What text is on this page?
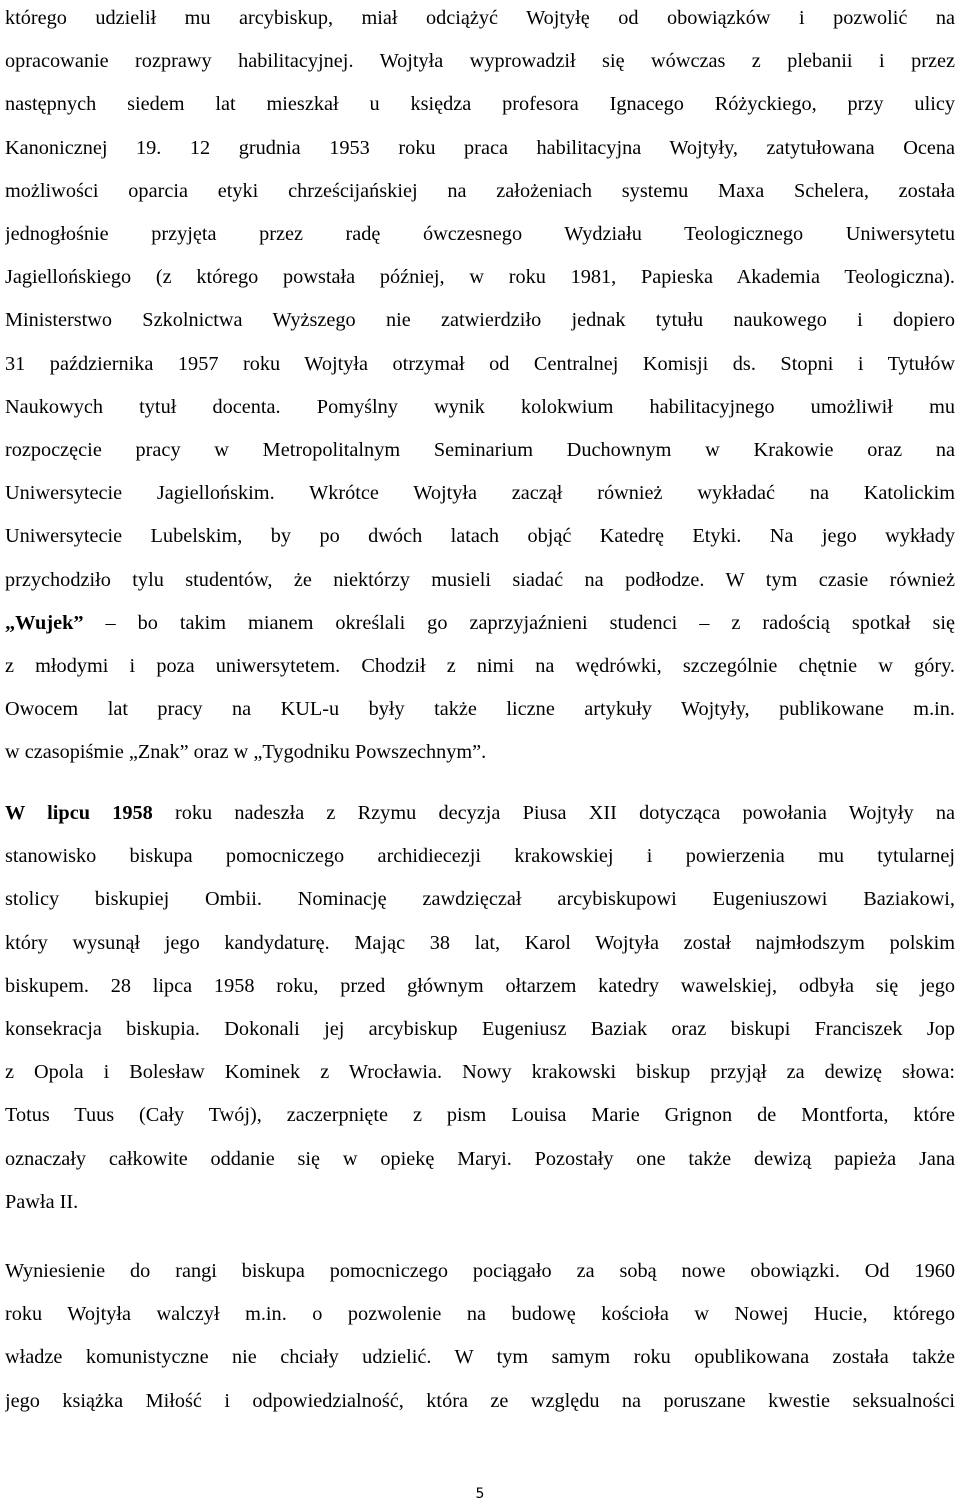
którego udzielił mu arcybiskup, miał odciążyć Wojtyłę od obowiązków i pozwolić na
opracowanie rozprawy habilitacyjnej. Wojtyła wyprowadził się wówczas z plebanii i przez
następnych siedem lat mieszkał u księdza profesora Ignacego Różyckiego, przy ulicy
Kanonicznej 19. 12 grudnia 1953 roku praca habilitacyjna Wojtyły, zatytułowana Ocena
możliwości oparcia etyki chrześcijańskiej na założeniach systemu Maxa Schelera, została
jednogłośnie przyjęta przez radę ówczesnego Wydziału Teologicznego Uniwersytetu
Jagiellońskiego (z którego powstała później, w roku 1981, Papieska Akademia Teologiczna).
Ministerstwo Szkolnictwa Wyższego nie zatwierdziło jednak tytułu naukowego i dopiero
31 października 1957 roku Wojtyła otrzymał od Centralnej Komisji ds. Stopni i Tytułów
Naukowych tytuł docenta. Pomyślny wynik kolokwium habilitacyjnego umożliwił mu
rozpoczęcie pracy w Metropolitalnym Seminarium Duchownym w Krakowie oraz na
Uniwersytecie Jagiellońskim. Wkrótce Wojtyła zaczął również wykładać na Katolickim
Uniwersytecie Lubelskim, by po dwóch latach objąć Katedrę Etyki. Na jego wykłady
przychodziło tylu studentów, że niektórzy musieli siadać na podłodze. W tym czasie również
„Wujek” – bo takim mianem określali go zaprzyjaźnieni studenci – z radością spotkał się
z młodymi i poza uniwersytetem. Chodził z nimi na wędrówki, szczególnie chętnie w góry.
Owocem lat pracy na KUL-u były także liczne artykuły Wojtyły, publikowane m.in.
w czasopiśmie „Znak” oraz w „Tygodniku Powszechnym”.

W lipcu 1958 roku nadeszła z Rzymu decyzja Piusa XII dotycząca powołania Wojtyły na
stanowisko biskupa pomocniczego archidiecezji krakowskiej i powierzenia mu tytularnej
stolicy biskupiej Ombii. Nominację zawdzięczał arcybiskupowi Eugeniuszowi Baziakowi,
który wysunął jego kandydaturę. Mając 38 lat, Karol Wojtyła został najmłodszym polskim
biskupem. 28 lipca 1958 roku, przed głównym ołtarzem katedry wawelskiej, odbyła się jego
konsekracja biskupia. Dokonali jej arcybiskup Eugeniusz Baziak oraz biskupi Franciszek Jop
z Opola i Bolesław Kominek z Wrocławia. Nowy krakowski biskup przyjął za dewizę słowa:
Totus Tuus (Cały Twój), zaczerpnięte z pism Louisa Marie Grignon de Montforta, które
oznaczały całkowite oddanie się w opiekę Maryi. Pozostały one także dewizą papieża Jana
Pawła II.

Wyniesienie do rangi biskupa pomocniczego pociągało za sobą nowe obowiązki. Od 1960
roku Wojtyła walczył m.in. o pozwolenie na budowę kościoła w Nowej Hucie, którego
władze komunistyczne nie chciały udzielić. W tym samym roku opublikowana została także
jego książka Miłość i odpowiedzialność, która ze względu na poruszane kwestie seksualności

5
